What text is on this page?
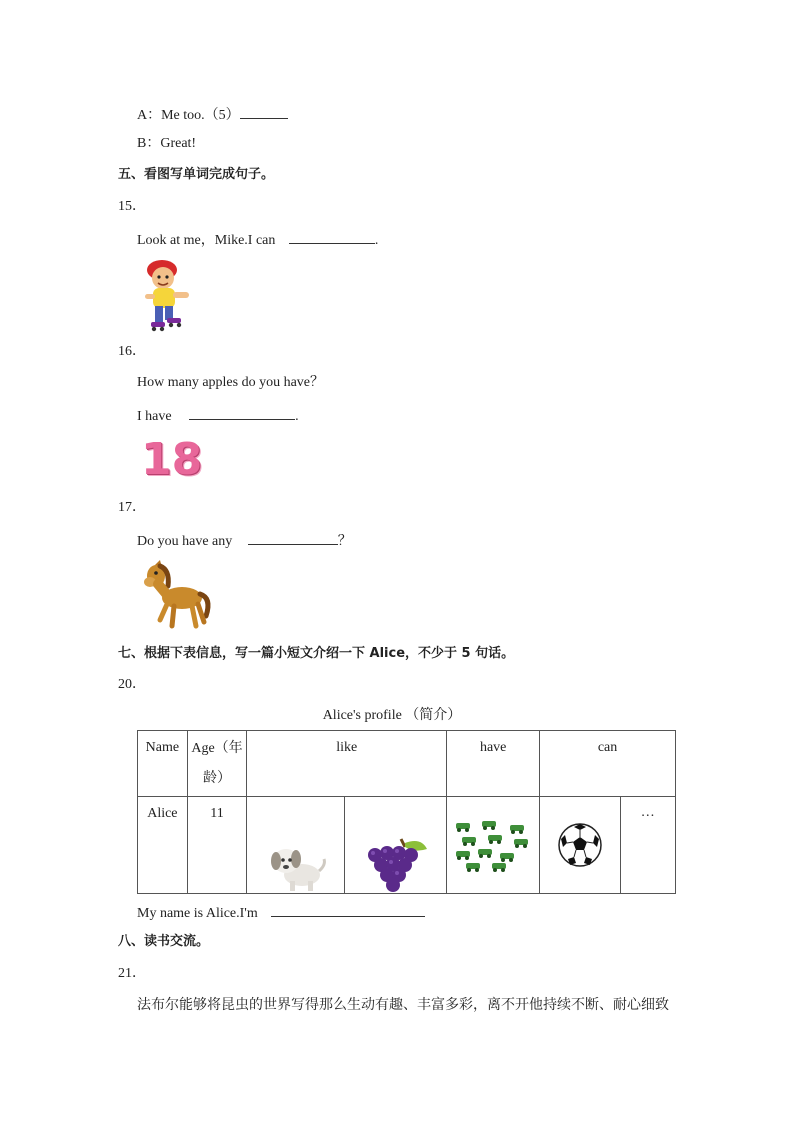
A：Me too.（5）
B：Great!
五、看图写单词完成句子。
15．
Look at me，Mike.I can	.
16．
How many apples do you have？
I have	.
18
17．
Do you have any	？
七、根据下表信息，写一篇小短文介绍一下 Alice，不少于 5 句话。
20．
Alice's profile （简介）
Name	Age（年
龄）	like		have	can	
Alice	11					…
My name is Alice.I'm
八、读书交流。
21．
法布尔能够将昆虫的世界写得那么生动有趣、丰富多彩，离不开他持续不断、耐心细致
